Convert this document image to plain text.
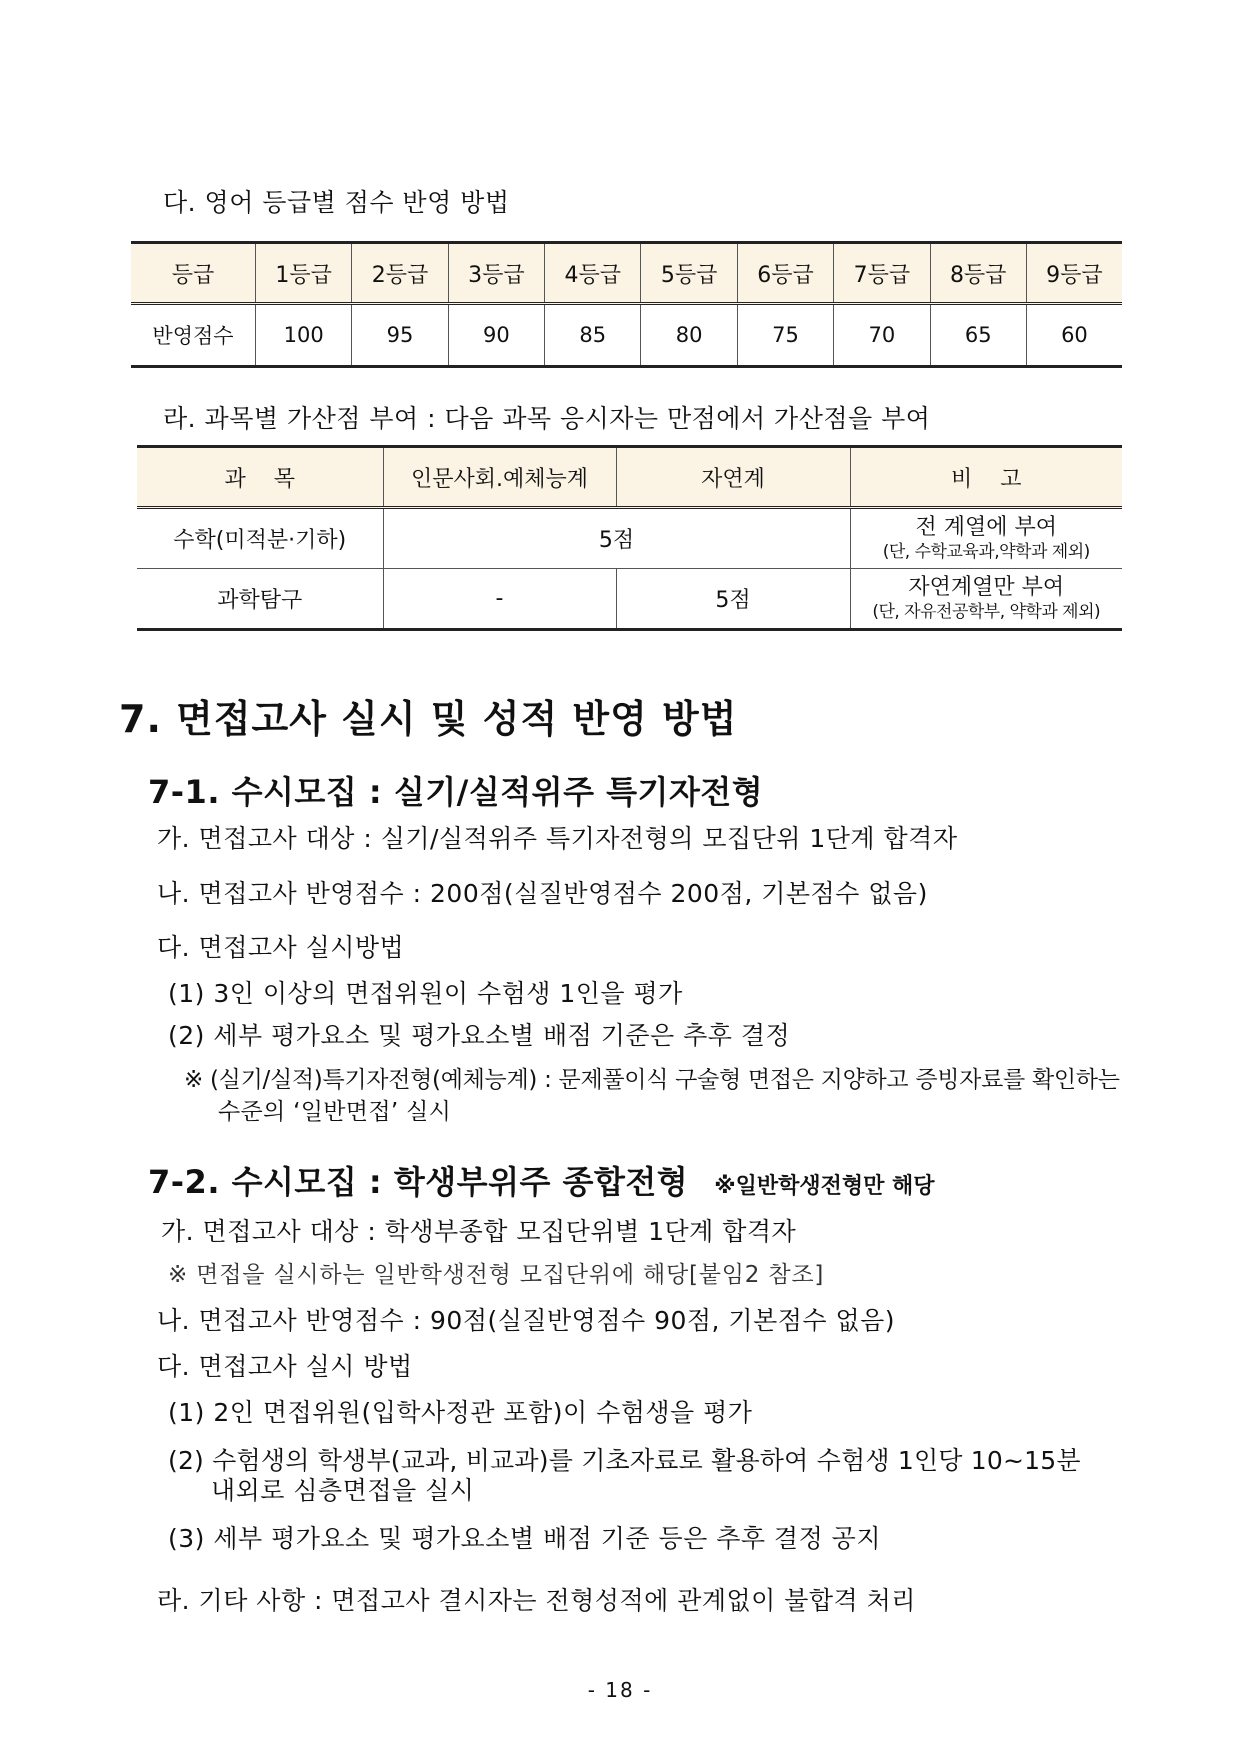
다. 영어 등급별 점수 반영 방법
등급	1등급	2등급	3등급	4등급	5등급	6등급	7등급	8등급	9등급
반영점수	100	95	90	85	80	75	70	65	60
라. 과목별 가산점 부여 : 다음 과목 응시자는 만점에서 가산점을 부여
과    목	인문사회.예체능계	자연계	비    고
수학(미적분·기하)	5점		전 계열에 부여
(단, 수학교육과,약학과 제외)

과학탐구	-	5점	자연계열만 부여
(단, 자유전공학부, 약학과 제외)
7. 면접고사 실시 및 성적 반영 방법
7-1. 수시모집 : 실기/실적위주 특기자전형
가. 면접고사 대상 : 실기/실적위주 특기자전형의 모집단위 1단계 합격자
나. 면접고사 반영점수 : 200점(실질반영점수 200점, 기본점수 없음)
다. 면접고사 실시방법
(1) 3인 이상의 면접위원이 수험생 1인을 평가
(2) 세부 평가요소 및 평가요소별 배점 기준은 추후 결정
※ (실기/실적)특기자전형(예체능계) : 문제풀이식 구술형 면접은 지양하고 증빙자료를 확인하는
수준의 ‘일반면접’ 실시
7-2. 수시모집 : 학생부위주 종합전형 ※일반학생전형만 해당
가. 면접고사 대상 : 학생부종합 모집단위별 1단계 합격자
※ 면접을 실시하는 일반학생전형 모집단위에 해당[붙임2 참조]
나. 면접고사 반영점수 : 90점(실질반영점수 90점, 기본점수 없음)
다. 면접고사 실시 방법
(1) 2인 면접위원(입학사정관 포함)이 수험생을 평가
(2) 수험생의 학생부(교과, 비교과)를 기초자료로 활용하여 수험생 1인당 10~15분
내외로 심층면접을 실시
(3) 세부 평가요소 및 평가요소별 배점 기준 등은 추후 결정 공지
라. 기타 사항 : 면접고사 결시자는 전형성적에 관계없이 불합격 처리
- 18 -
